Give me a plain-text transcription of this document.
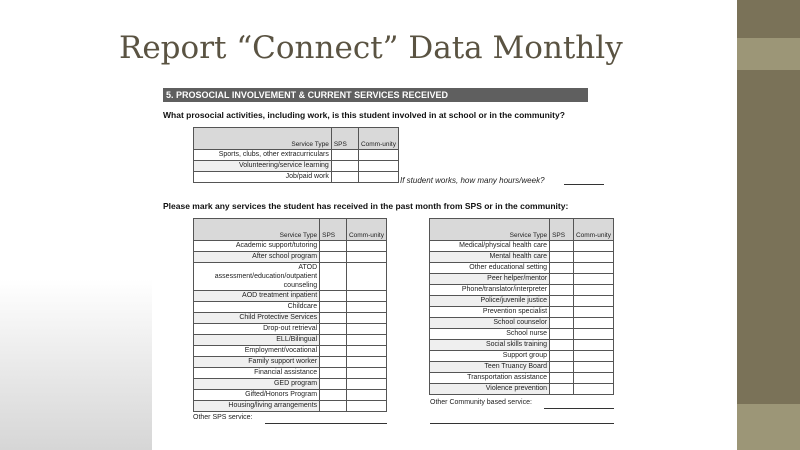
Report “Connect” Data Monthly
5. PROSOCIAL INVOLVEMENT & CURRENT SERVICES RECEIVED
What prosocial activities, including work, is this student involved in at school or in the community?
Service Type	SPS	Comm-unity
Sports, clubs, other extracurriculars		
Volunteering/service learning		
Job/paid work			If student works, how many hours/week?
Please mark any services the student has received in the past month from SPS or in the community:
Service Type	SPS	Comm-unity
Academic support/tutoring		
After school program		
ATOD assessment/education/outpatient counseling		
AOD treatment inpatient		
Childcare		
Child Protective Services		
Drop-out retrieval		
ELL/Bilingual		
Employment/vocational		
Family support worker		
Financial assistance		
GED program		
Gifted/Honors Program		
Housing/living arrangements		
Service Type	SPS	Comm-unity
Medical/physical health care		
Mental health care		
Other educational setting		
Peer helper/mentor		
Phone/translator/interpreter		
Police/juvenile justice		
Prevention specialist		
School counselor		
School nurse		
Social skills training		
Support group		
Teen Truancy Board		
Transportation assistance		
Violence prevention		
Other SPS service:
Other Community based service:
